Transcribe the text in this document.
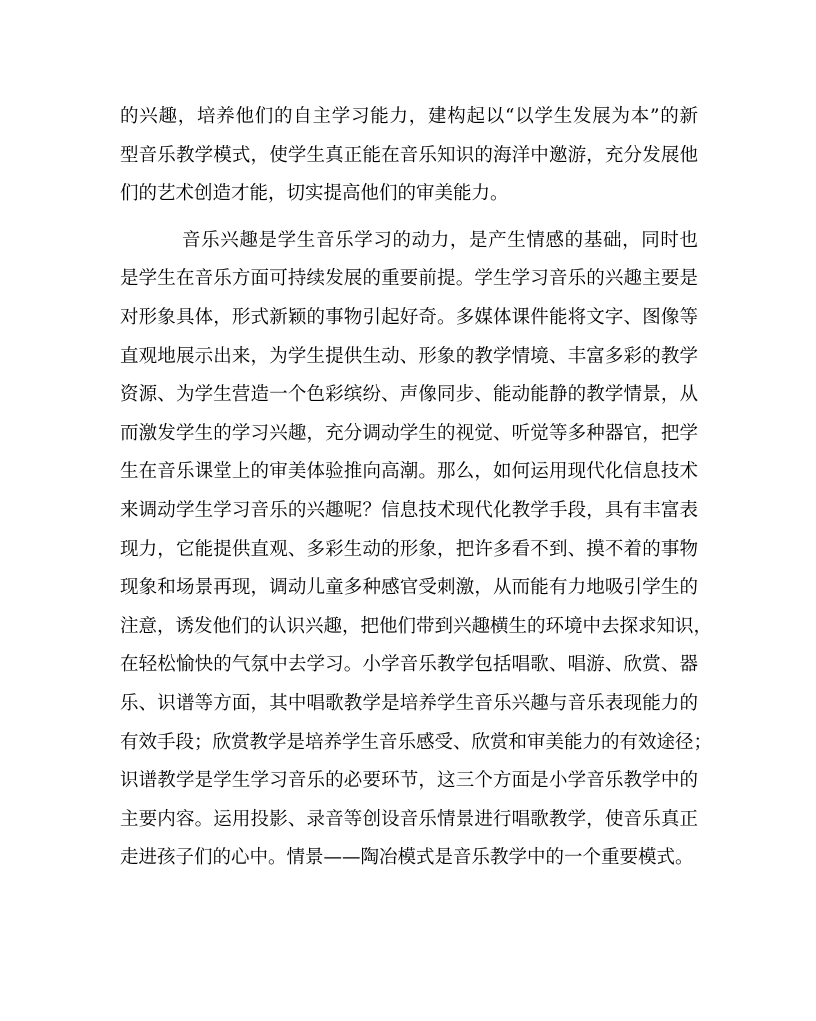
的兴趣，培养他们的自主学习能力，建构起以“以学生发展为本”的新
型音乐教学模式，使学生真正能在音乐知识的海洋中邀游，充分发展他
们的艺术创造才能，切实提高他们的审美能力。
音乐兴趣是学生音乐学习的动力，是产生情感的基础，同时也
是学生在音乐方面可持续发展的重要前提。学生学习音乐的兴趣主要是
对形象具体，形式新颖的事物引起好奇。多媒体课件能将文字、图像等
直观地展示出来，为学生提供生动、形象的教学情境、丰富多彩的教学
资源、为学生营造一个色彩缤纷、声像同步、能动能静的教学情景，从
而激发学生的学习兴趣，充分调动学生的视觉、听觉等多种器官，把学
生在音乐课堂上的审美体验推向高潮。那么，如何运用现代化信息技术
来调动学生学习音乐的兴趣呢？信息技术现代化教学手段，具有丰富表
现力，它能提供直观、多彩生动的形象，把许多看不到、摸不着的事物
现象和场景再现，调动儿童多种感官受刺激，从而能有力地吸引学生的
注意，诱发他们的认识兴趣，把他们带到兴趣横生的环境中去探求知识，
在轻松愉快的气氛中去学习。小学音乐教学包括唱歌、唱游、欣赏、器
乐、识谱等方面，其中唱歌教学是培养学生音乐兴趣与音乐表现能力的
有效手段；欣赏教学是培养学生音乐感受、欣赏和审美能力的有效途径；
识谱教学是学生学习音乐的必要环节，这三个方面是小学音乐教学中的
主要内容。运用投影、录音等创设音乐情景进行唱歌教学，使音乐真正
走进孩子们的心中。情景——陶冶模式是音乐教学中的一个重要模式。
